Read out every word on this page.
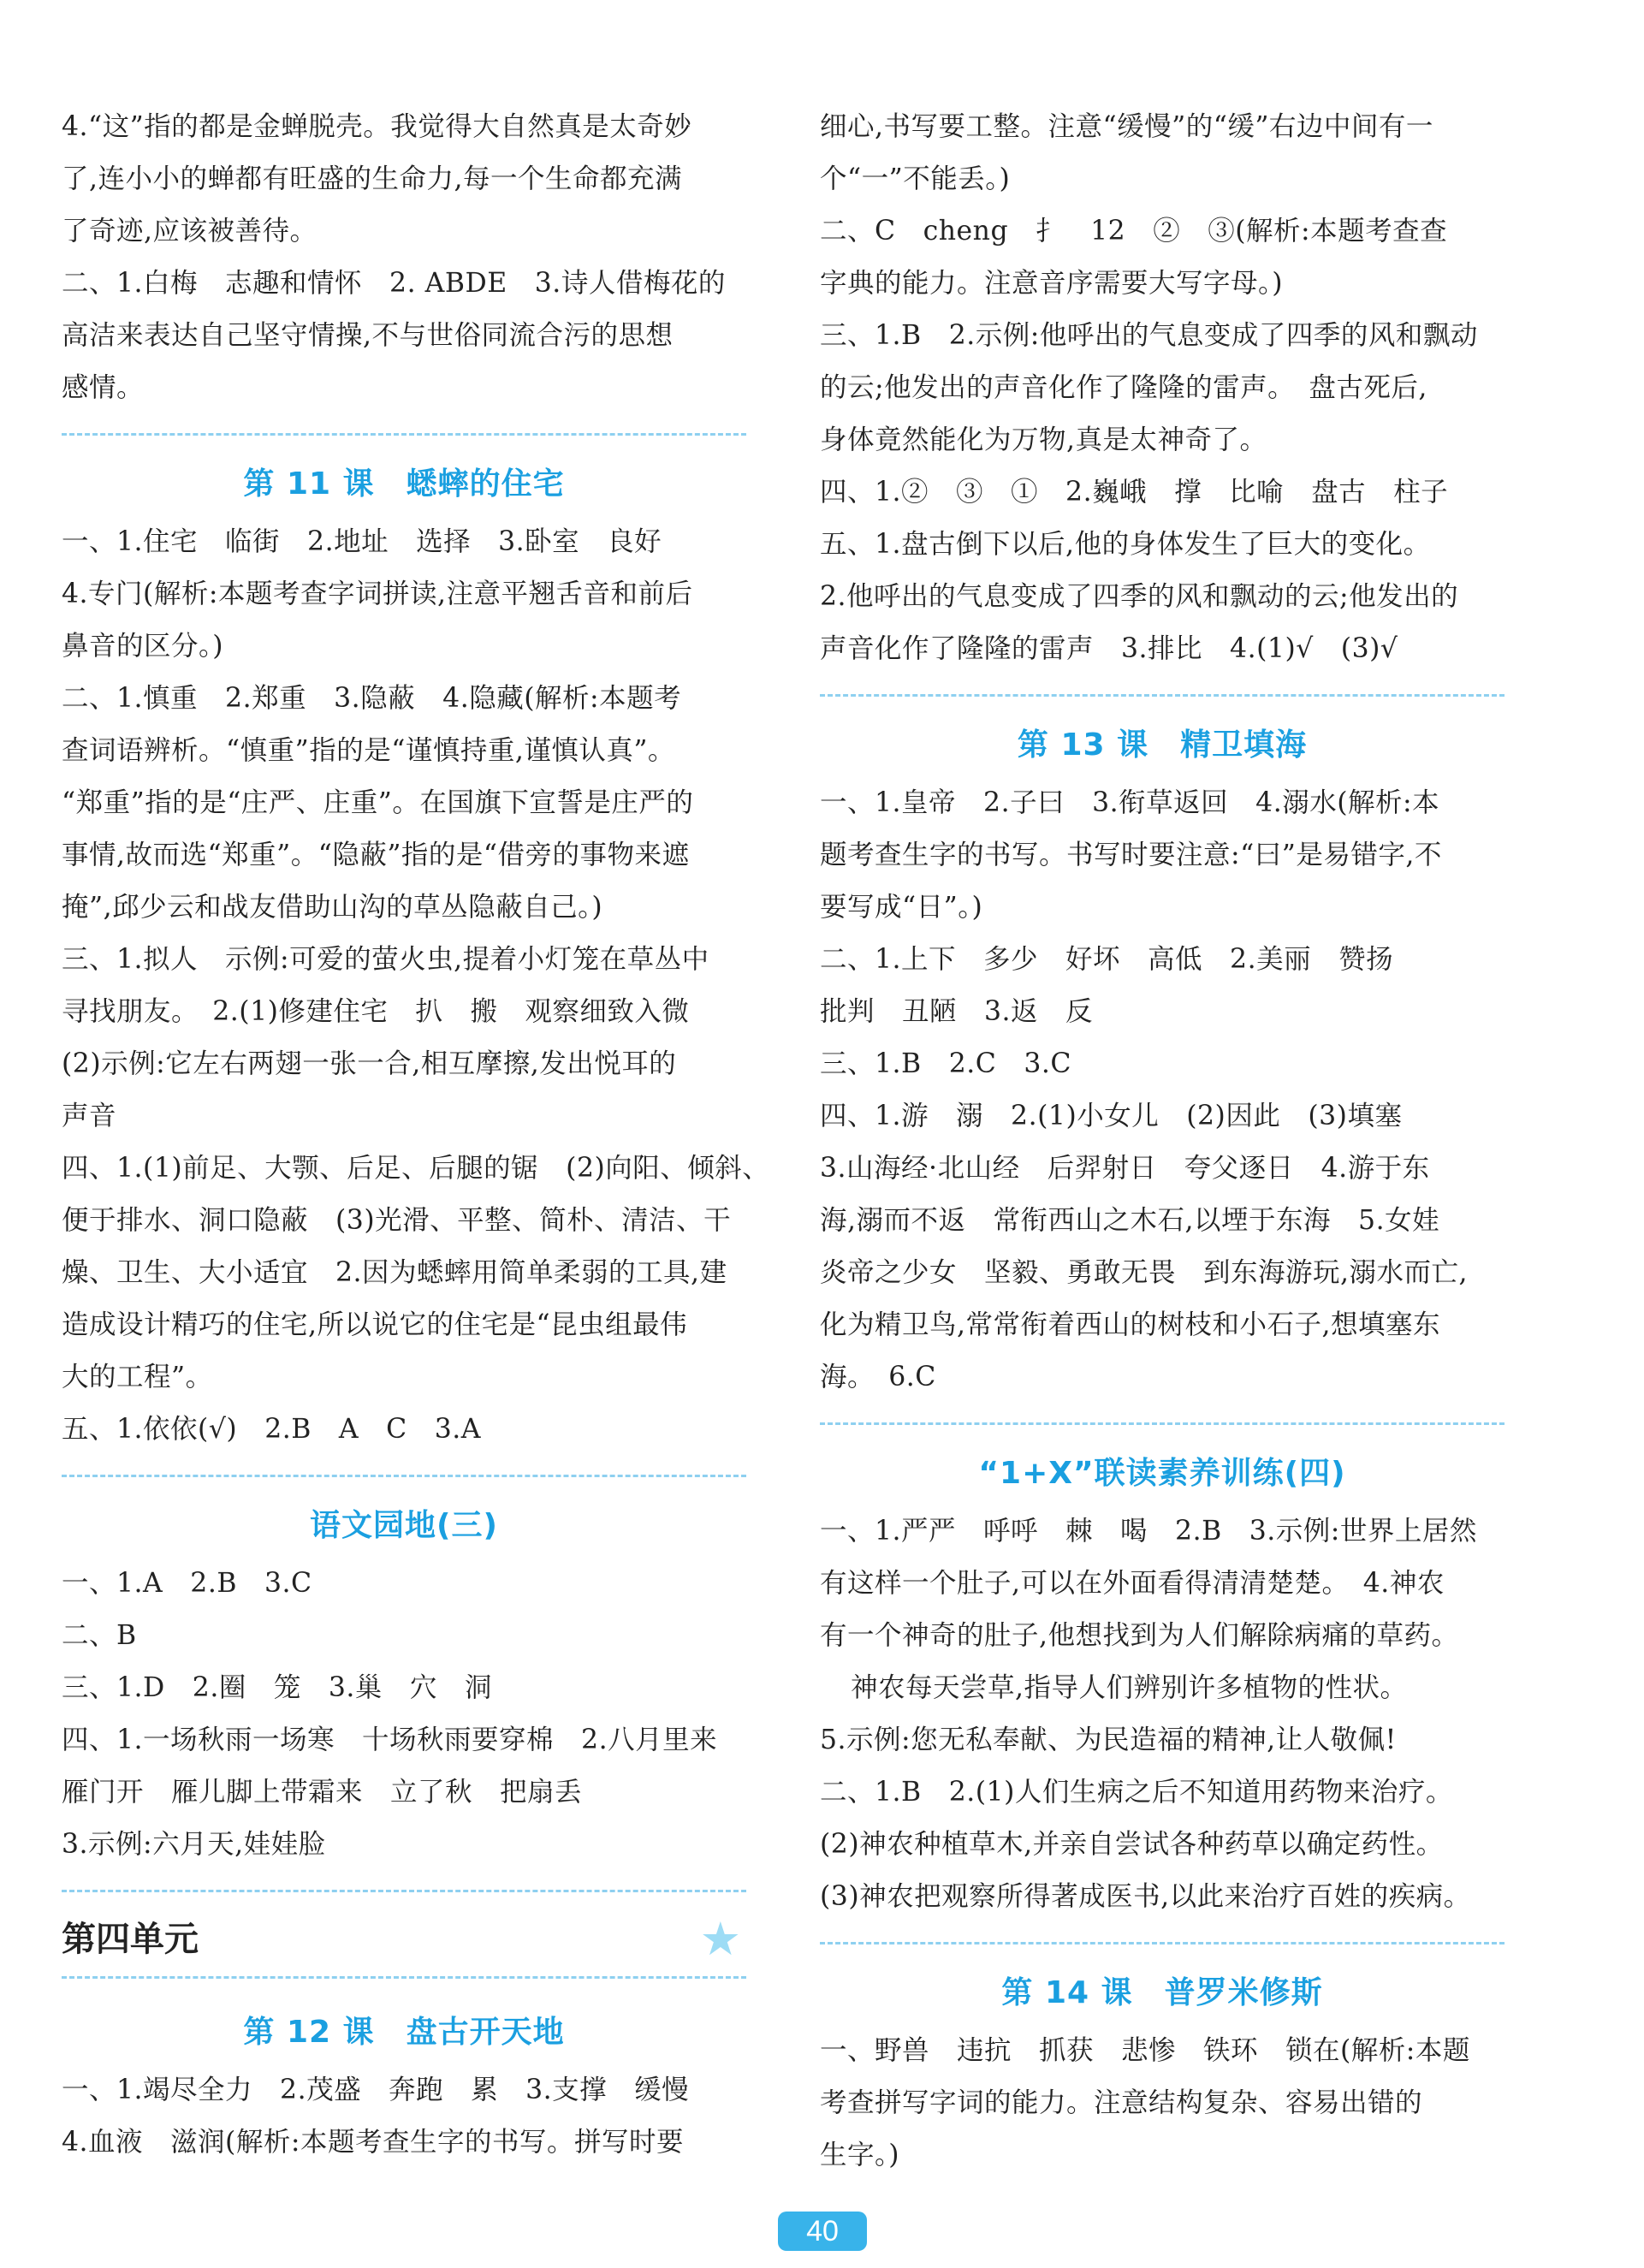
4.“这”指的都是金蝉脱壳。我觉得大自然真是太奇妙
了,连小小的蝉都有旺盛的生命力,每一个生命都充满
了奇迹,应该被善待。
二、1.白梅　志趣和情怀　2. ABDE　3.诗人借梅花的
高洁来表达自己坚守情操,不与世俗同流合污的思想
感情。
第 11 课　蟋蟀的住宅
一、1.住宅　临街　2.地址　选择　3.卧室　良好
4.专门(解析:本题考查字词拼读,注意平翘舌音和前后
鼻音的区分。)
二、1.慎重　2.郑重　3.隐蔽　4.隐藏(解析:本题考
查词语辨析。“慎重”指的是“谨慎持重,谨慎认真”。
“郑重”指的是“庄严、庄重”。在国旗下宣誓是庄严的
事情,故而选“郑重”。“隐蔽”指的是“借旁的事物来遮
掩”,邱少云和战友借助山沟的草丛隐蔽自己。)
三、1.拟人　示例:可爱的萤火虫,提着小灯笼在草丛中
寻找朋友。　2.(1)修建住宅　扒　搬　观察细致入微
(2)示例:它左右两翅一张一合,相互摩擦,发出悦耳的
声音
四、1.(1)前足、大颚、后足、后腿的锯　(2)向阳、倾斜、
便于排水、洞口隐蔽　(3)光滑、平整、简朴、清洁、干
燥、卫生、大小适宜　2.因为蟋蟀用简单柔弱的工具,建
造成设计精巧的住宅,所以说它的住宅是“昆虫组最伟
大的工程”。
五、1.依依(√)　2.B　A　C　3.A
语文园地(三)
一、1.A　2.B　3.C
二、B
三、1.D　2.圈　笼　3.巢　穴　洞
四、1.一场秋雨一场寒　十场秋雨要穿棉　2.八月里来
雁门开　雁儿脚上带霜来　立了秋　把扇丢
3.示例:六月天,娃娃脸
第四单元	★
第 12 课　盘古开天地
一、1.竭尽全力　2.茂盛　奔跑　累　3.支撑　缓慢
4.血液　滋润(解析:本题考查生字的书写。拼写时要
细心,书写要工整。注意“缓慢”的“缓”右边中间有一
个“一”不能丢。)
二、C　cheng　扌　12　②　③(解析:本题考查查
字典的能力。注意音序需要大写字母。)
三、1.B　2.示例:他呼出的气息变成了四季的风和飘动
的云;他发出的声音化作了隆隆的雷声。　盘古死后,
身体竟然能化为万物,真是太神奇了。
四、1.②　③　①　2.巍峨　撑　比喻　盘古　柱子
五、1.盘古倒下以后,他的身体发生了巨大的变化。
2.他呼出的气息变成了四季的风和飘动的云;他发出的
声音化作了隆隆的雷声　3.排比　4.(1)√　(3)√
第 13 课　精卫填海
一、1.皇帝　2.子曰　3.衔草返回　4.溺水(解析:本
题考查生字的书写。书写时要注意:“曰”是易错字,不
要写成“日”。)
二、1.上下　多少　好坏　高低　2.美丽　赞扬
批判　丑陋　3.返　反
三、1.B　2.C　3.C
四、1.游　溺　2.(1)小女儿　(2)因此　(3)填塞
3.山海经·北山经　后羿射日　夸父逐日　4.游于东
海,溺而不返　常衔西山之木石,以堙于东海　5.女娃
炎帝之少女　坚毅、勇敢无畏　到东海游玩,溺水而亡,
化为精卫鸟,常常衔着西山的树枝和小石子,想填塞东
海。　6.C
“1+X”联读素养训练(四)
一、1.严严　呼呼　棘　喝　2.B　3.示例:世界上居然
有这样一个肚子,可以在外面看得清清楚楚。　4.神农
有一个神奇的肚子,他想找到为人们解除病痛的草药。
神农每天尝草,指导人们辨别许多植物的性状。
5.示例:您无私奉献、为民造福的精神,让人敬佩!
二、1.B　2.(1)人们生病之后不知道用药物来治疗。
(2)神农种植草木,并亲自尝试各种药草以确定药性。
(3)神农把观察所得著成医书,以此来治疗百姓的疾病。
第 14 课　普罗米修斯
一、野兽　违抗　抓获　悲惨　铁环　锁在(解析:本题
考查拼写字词的能力。注意结构复杂、容易出错的
生字。)
40
